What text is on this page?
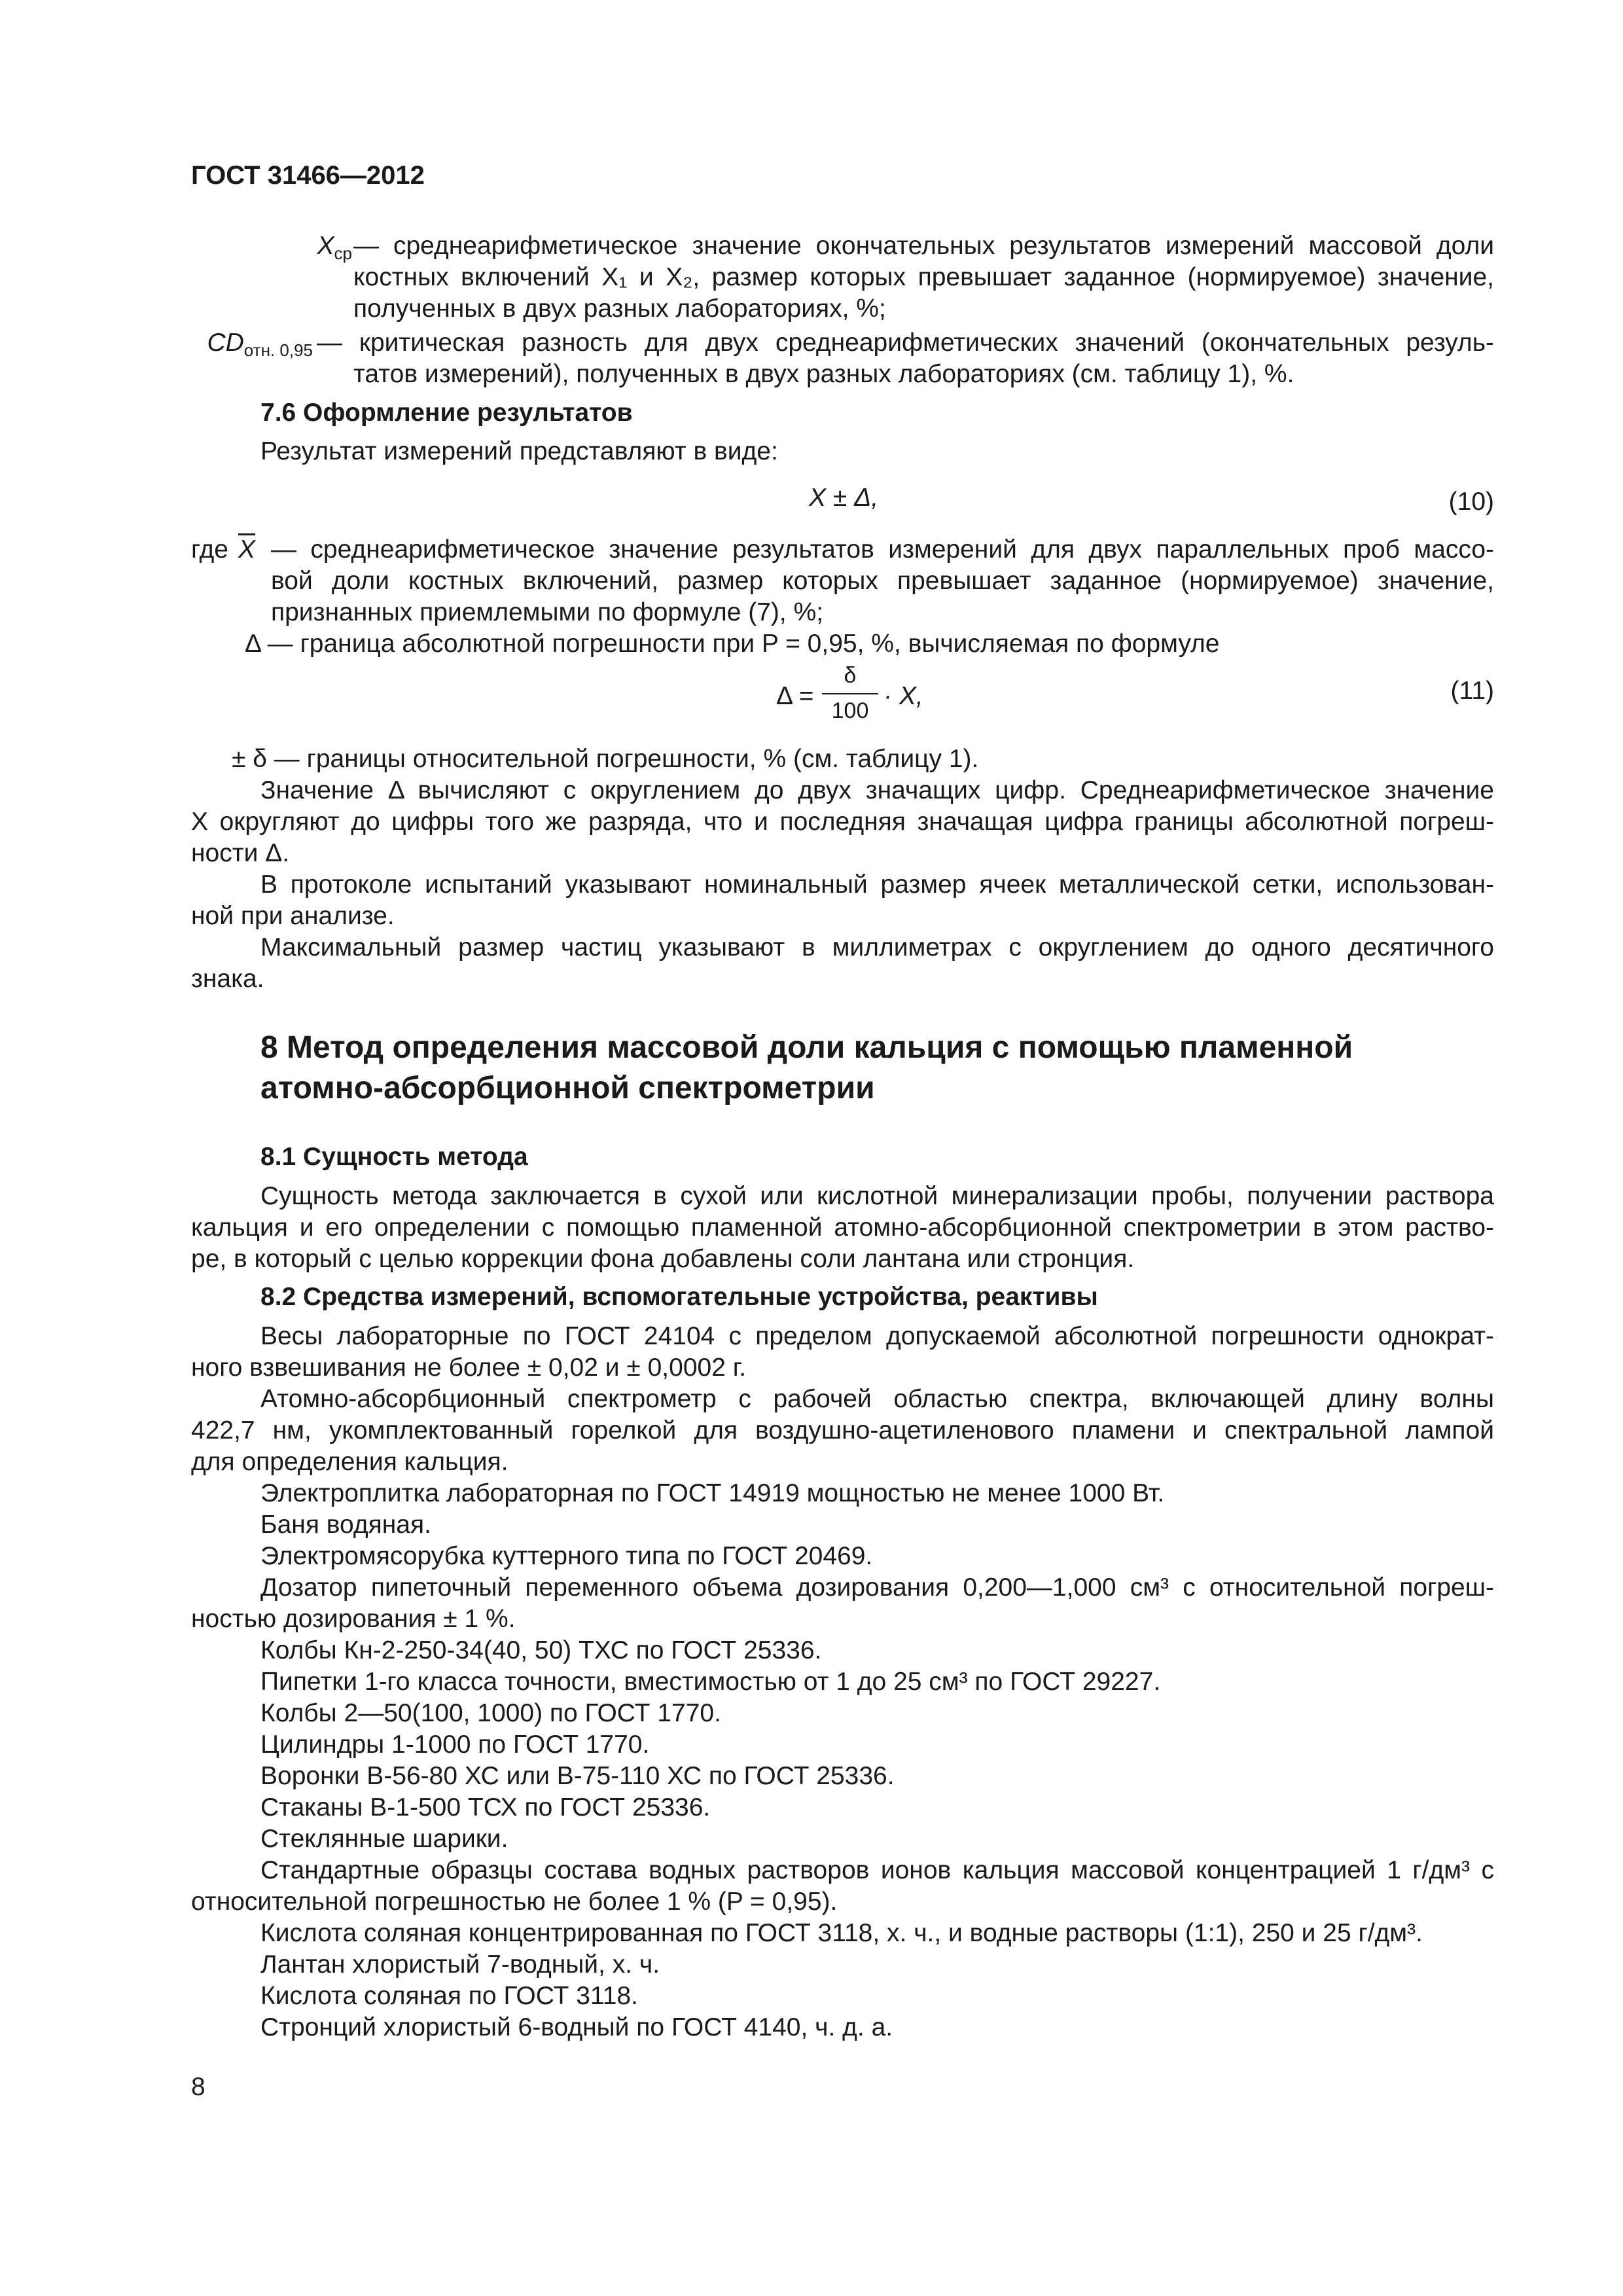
ГОСТ 31466—2012
$X_{ср}$ — среднеарифметическое значение окончательных результатов измерений массовой доли
костных включений X₁ и X₂, размер которых превышает заданное (нормируемое) значение,
полученных в двух разных лабораториях, %;
$CD_{отн. 0,95}$ — критическая разность для двух среднеарифметических значений (окончательных резуль-
татов измерений), полученных в двух разных лабораториях (см. таблицу 1), %.
7.6 Оформление результатов
Результат измерений представляют в виде:
X ± Δ,	(10)
где $\overline{X}$ — среднеарифметическое значение результатов измерений для двух параллельных проб массо-
вой доли костных включений, размер которых превышает заданное (нормируемое) значение,
признанных приемлемыми по формуле (7), %;
Δ — граница абсолютной погрешности при P = 0,95, %, вычисляемая по формуле
Δ =
δ
100
· X,	(11)
± δ — границы относительной погрешности, % (см. таблицу 1).
Значение Δ вычисляют с округлением до двух значащих цифр. Среднеарифметическое значение
X округляют до цифры того же разряда, что и последняя значащая цифра границы абсолютной погреш-
ности Δ.
В протоколе испытаний указывают номинальный размер ячеек металлической сетки, использован-
ной при анализе.
Максимальный размер частиц указывают в миллиметрах с округлением до одного десятичного
знака.
8 Метод определения массовой доли кальция с помощью пламенной
атомно-абсорбционной спектрометрии
8.1 Сущность метода
Сущность метода заключается в сухой или кислотной минерализации пробы, получении раствора
кальция и его определении с помощью пламенной атомно-абсорбционной спектрометрии в этом раство-
ре, в который с целью коррекции фона добавлены соли лантана или стронция.
8.2 Средства измерений, вспомогательные устройства, реактивы
Весы лабораторные по ГОСТ 24104 с пределом допускаемой абсолютной погрешности однократ-
ного взвешивания не более ± 0,02 и ± 0,0002 г.
Атомно-абсорбционный спектрометр с рабочей областью спектра, включающей длину волны
422,7 нм, укомплектованный горелкой для воздушно-ацетиленового пламени и спектральной лампой
для определения кальция.
Электроплитка лабораторная по ГОСТ 14919 мощностью не менее 1000 Вт.
Баня водяная.
Электромясорубка куттерного типа по ГОСТ 20469.
Дозатор пипеточный переменного объема дозирования 0,200—1,000 см³ с относительной погреш-
ностью дозирования ± 1 %.
Колбы Кн-2-250-34(40, 50) ТХС по ГОСТ 25336.
Пипетки 1-го класса точности, вместимостью от 1 до 25 см³ по ГОСТ 29227.
Колбы 2—50(100, 1000) по ГОСТ 1770.
Цилиндры 1-1000 по ГОСТ 1770.
Воронки В-56-80 ХС или В-75-110 ХС по ГОСТ 25336.
Стаканы В-1-500 ТСХ по ГОСТ 25336.
Стеклянные шарики.
Стандартные образцы состава водных растворов ионов кальция массовой концентрацией 1 г/дм³ с
относительной погрешностью не более 1 % (P = 0,95).
Кислота соляная концентрированная по ГОСТ 3118, х. ч., и водные растворы (1:1), 250 и 25 г/дм³.
Лантан хлористый 7-водный, х. ч.
Кислота соляная по ГОСТ 3118.
Стронций хлористый 6-водный по ГОСТ 4140, ч. д. а.
8
